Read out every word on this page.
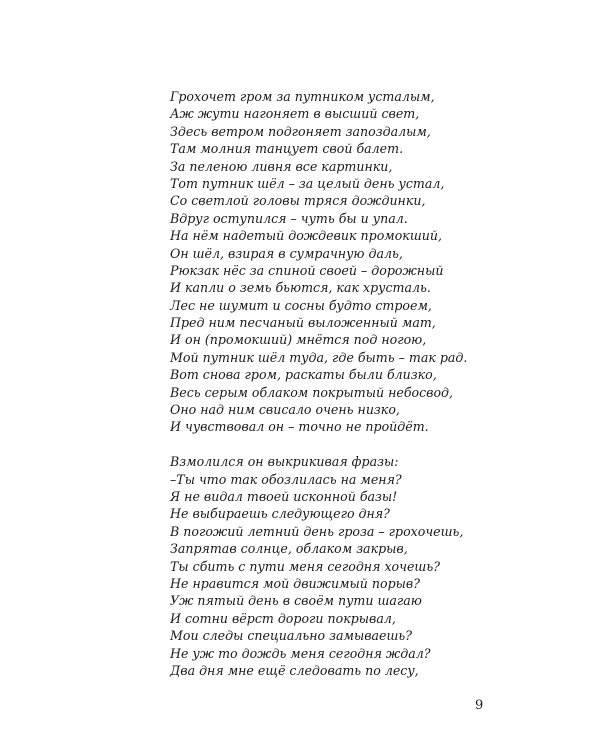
Грохочет гром за путником усталым,
Аж жути нагоняет в высший свет,
Здесь ветром подгоняет запоздалым,
Там молния танцует свой балет.
За пеленою ливня все картинки,
Тот путник шёл – за целый день устал,
Со светлой головы тряся дождинки,
Вдруг оступился – чуть бы и упал.
На нём надетый дождевик промокший,
Он шёл, взирая в сумрачную даль,
Рюкзак нёс за спиной своей – дорожный
И капли о земь бьются, как хрусталь.
Лес не шумит и сосны будто строем,
Пред ним песчаный выложенный мат,
И он (промокший) мнётся под ногою,
Мой путник шёл туда, где быть – так рад.
Вот снова гром, раскаты были близко,
Весь серым облаком покрытый небосвод,
Оно над ним свисало очень низко,
И чувствовал он – точно не пройдёт.
Взмолился он выкрикивая фразы:
–Ты что так обозлилась на меня?
Я не видал твоей исконной базы!
Не выбираешь следующего дня?
В погожий летний день гроза – грохочешь,
Запрятав солнце, облаком закрыв,
Ты сбить с пути меня сегодня хочешь?
Не нравится мой движимый порыв?
Уж пятый день в своём пути шагаю
И сотни вёрст дороги покрывал,
Мои следы специально замываешь?
Не уж то дождь меня сегодня ждал?
Два дня мне ещё следовать по лесу,
9
